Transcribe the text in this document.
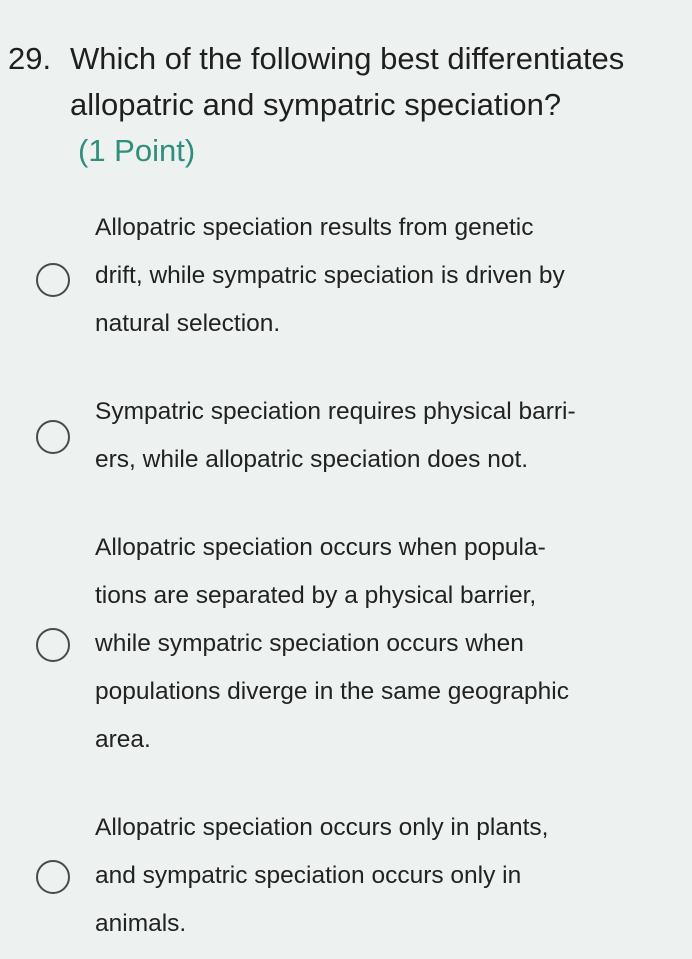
29. Which of the following best differentiates
allopatric and sympatric speciation?
(1 Point)
Allopatric speciation results from genetic
drift, while sympatric speciation is driven by
natural selection.
Sympatric speciation requires physical barri-
ers, while allopatric speciation does not.
Allopatric speciation occurs when popula-
tions are separated by a physical barrier,
while sympatric speciation occurs when
populations diverge in the same geographic
area.
Allopatric speciation occurs only in plants,
and sympatric speciation occurs only in
animals.
